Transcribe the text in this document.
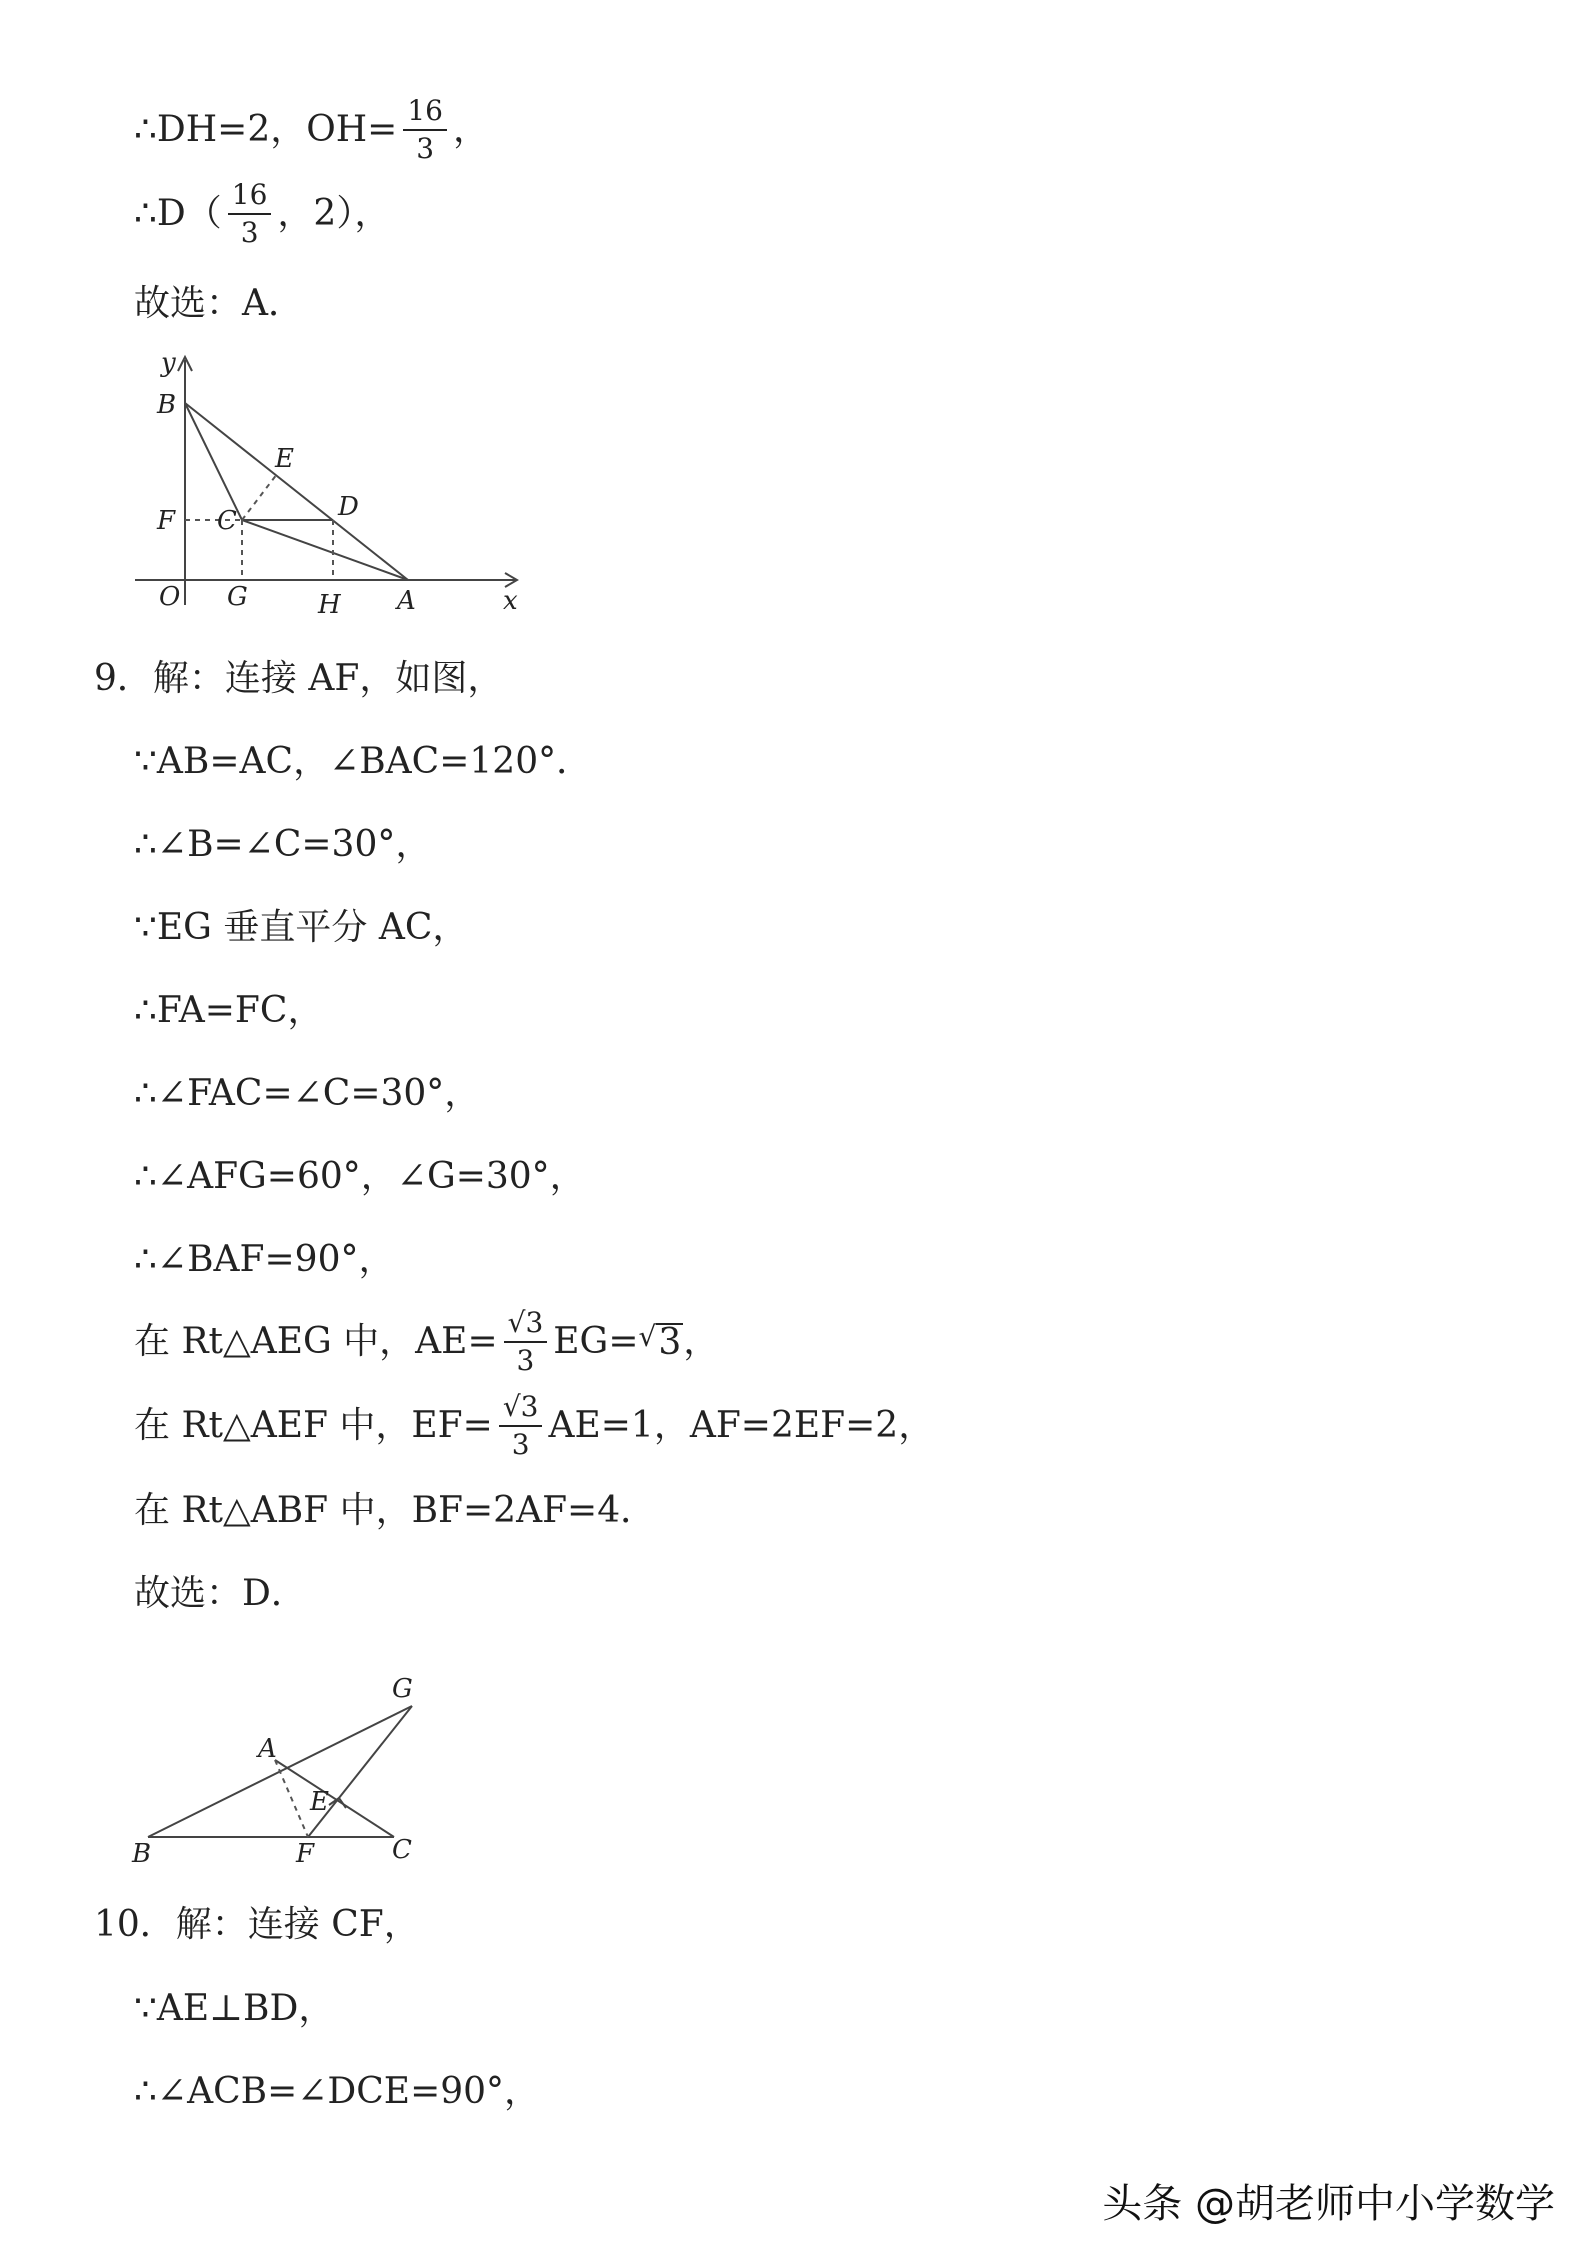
∴DH=2，$OH= \frac{16}{3}$ ，
∴D（ $\frac{16}{3}$ ，2），
故选：A．
y
x
B
E
D
F C
O G	H A
9．解：连接 AF，如图，
∵AB=AC，∠BAC=120°．
∴∠B=∠C=30°，
∵EG 垂直平分 AC，
∴FA=FC，
∴∠FAC=∠C=30°，
∴∠AFG=60°，∠G=30°，
∴∠BAF=90°，
在 Rt△AEG 中，$AE= \frac{√3}{3} EG=$ √ 3 ，
在 Rt△AEF 中，$EF= \frac{√3}{3} AE=1$，AF=2EF=2，
在 Rt△ABF 中，BF=2AF=4．
故选：D．
G
A
E
B	F	C
10．解：连接 CF，
∵AE⊥BD，
∴∠ACB=∠DCE=90°，
头条 @胡老师中小学数学
